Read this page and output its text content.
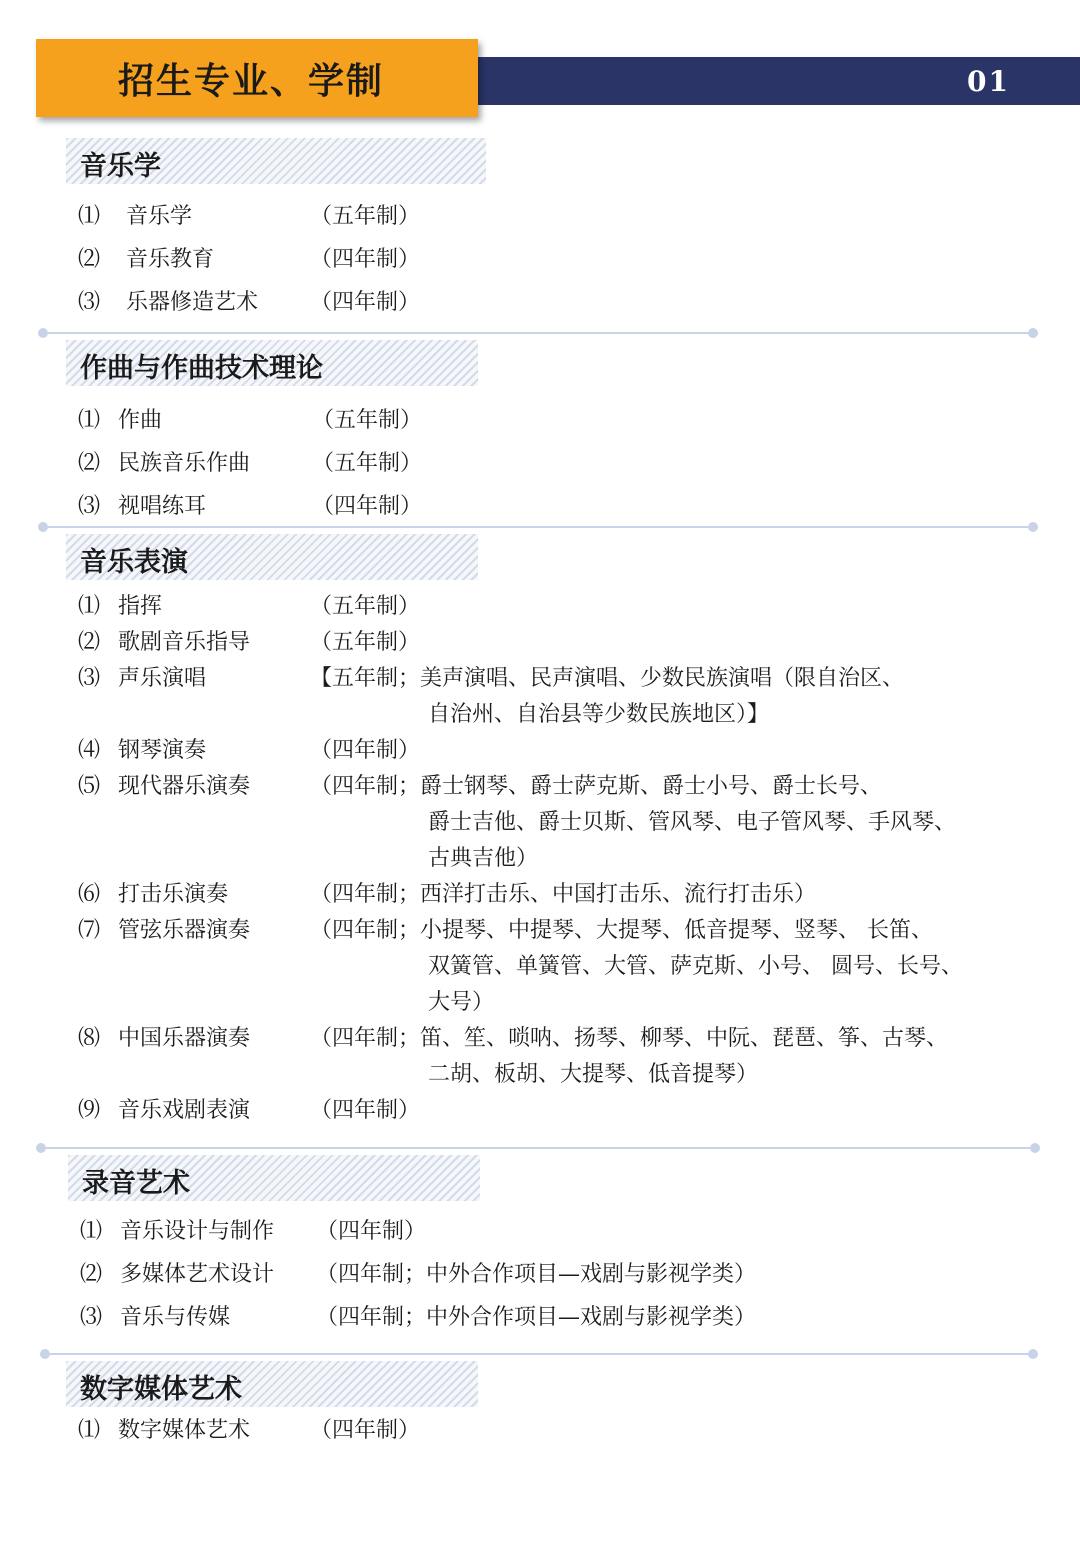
01
招生专业、学制
音乐学
⑴ 音乐学	（五年制）
⑵ 音乐教育	（四年制）
⑶ 乐器修造艺术 （四年制）
作曲与作曲技术理论
⑴ 作曲	（五年制）
⑵ 民族音乐作曲	（五年制）
⑶ 视唱练耳	（四年制）
音乐表演
⑴ 指挥	（五年制）
⑵ 歌剧音乐指导	（五年制）
⑶ 声乐演唱	【五年制；美声演唱、民声演唱、少数民族演唱（限自治区、
自治州、自治县等少数民族地区）】
⑷ 钢琴演奏	（四年制）
⑸ 现代器乐演奏	（四年制；爵士钢琴、爵士萨克斯、爵士小号、爵士长号、
爵士吉他、爵士贝斯、管风琴、电子管风琴、手风琴、
古典吉他）
⑹ 打击乐演奏	（四年制；西洋打击乐、中国打击乐、流行打击乐）
⑺ 管弦乐器演奏	（四年制；小提琴、中提琴、大提琴、低音提琴、竖琴、 长笛、
双簧管、单簧管、大管、萨克斯、小号、 圆号、长号、
大号）
⑻ 中国乐器演奏	（四年制；笛、笙、唢呐、扬琴、柳琴、中阮、琵琶、筝、古琴、
二胡、板胡、大提琴、低音提琴）
⑼ 音乐戏剧表演	（四年制）
录音艺术
⑴ 音乐设计与制作 （四年制）
⑵ 多媒体艺术设计 （四年制；中外合作项目—戏剧与影视学类）
⑶ 音乐与传媒	（四年制；中外合作项目—戏剧与影视学类）
数字媒体艺术
⑴ 数字媒体艺术	（四年制）
